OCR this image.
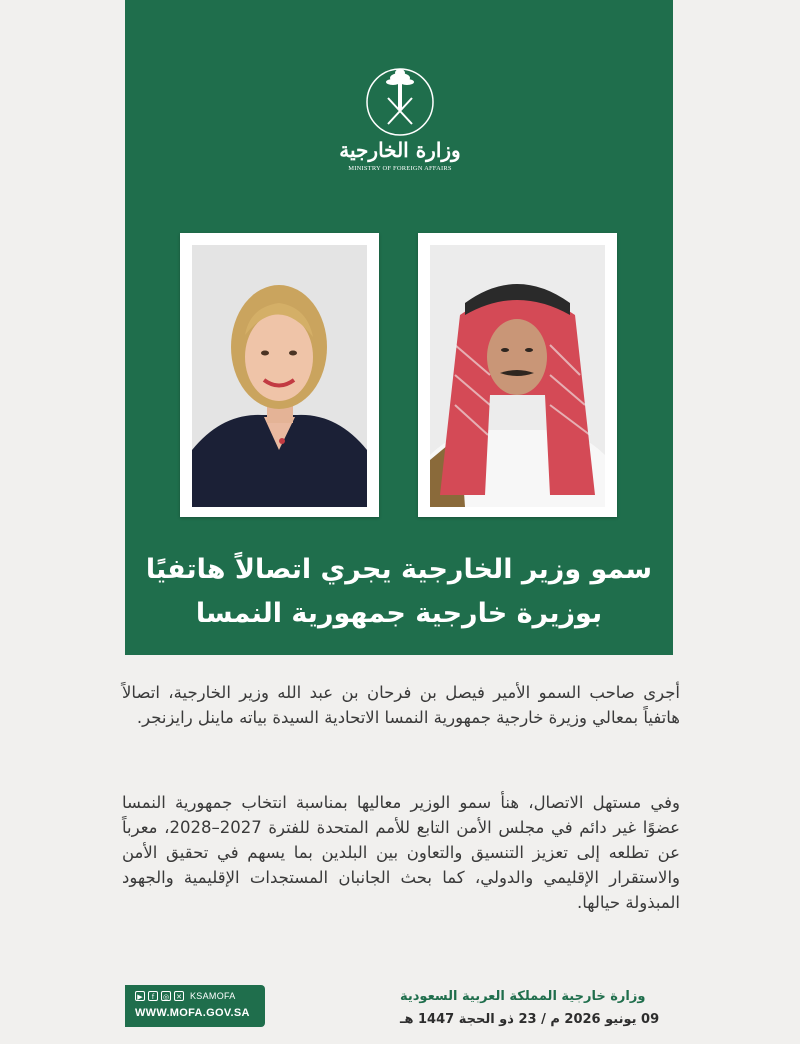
وزارة الخارجية
MINISTRY OF FOREIGN AFFAIRS
سمو وزير الخارجية يجري اتصالاً هاتفيًا
بوزيرة خارجية جمهورية النمسا

أجرى صاحب السمو الأمير فيصل بن فرحان بن عبد الله وزير الخارجية، اتصالاً هاتفياً بمعالي وزيرة خارجية جمهورية النمسا الاتحادية السيدة بياته ماينل رايزنجر.

وفي مستهل الاتصال، هنأ سمو الوزير معاليها بمناسبة انتخاب جمهورية النمسا عضوًا غير دائم في مجلس الأمن التابع للأمم المتحدة للفترة 2027–2028، معرباً عن تطلعه إلى تعزيز التنسيق والتعاون بين البلدين بما يسهم في تحقيق الأمن والاستقرار الإقليمي والدولي، كما بحث الجانبان المستجدات الإقليمية والجهود المبذولة حيالها.

وزارة خارجية المملكة العربية السعودية
09 يونيو 2026 م / 23 ذو الحجة 1447 هـ
▶	f	◎ ✕ KSAMOFA
WWW.MOFA.GOV.SA
